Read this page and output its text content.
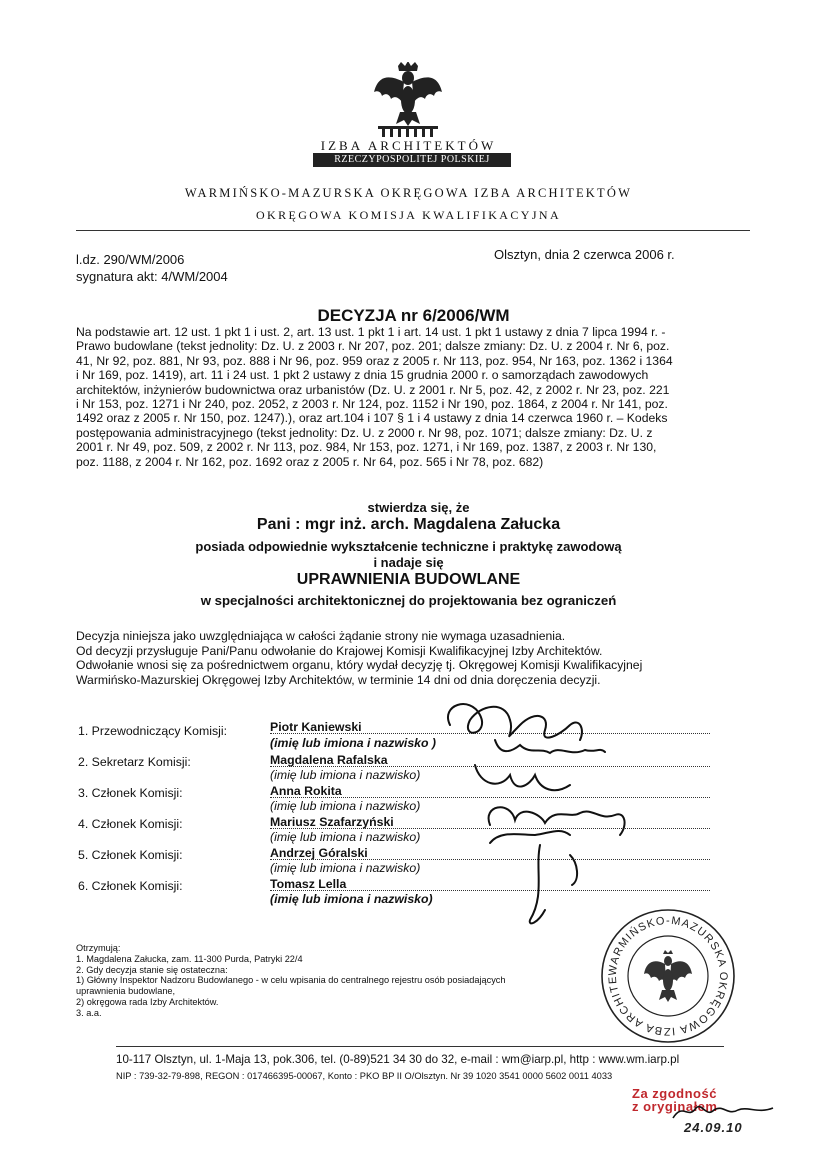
IZBA ARCHITEKTÓW
RZECZYPOSPOLITEJ POLSKIEJ
WARMIŃSKO-MAZURSKA OKRĘGOWA IZBA ARCHITEKTÓW
OKRĘGOWA KOMISJA KWALIFIKACYJNA
l.dz. 290/WM/2006
sygnatura akt: 4/WM/2004
Olsztyn, dnia 2 czerwca 2006 r.
DECYZJA nr 6/2006/WM
Na podstawie art. 12 ust. 1 pkt 1 i ust. 2, art. 13 ust. 1 pkt 1 i art. 14 ust. 1 pkt 1 ustawy z dnia 7 lipca 1994 r. -
Prawo budowlane (tekst jednolity: Dz. U. z 2003 r. Nr 207, poz. 201; dalsze zmiany: Dz. U. z 2004 r. Nr 6, poz.
41, Nr 92, poz. 881, Nr 93, poz. 888 i Nr 96, poz. 959 oraz z 2005 r. Nr 113, poz. 954, Nr 163, poz. 1362 i 1364
i Nr 169, poz. 1419), art. 11 i 24 ust. 1 pkt 2 ustawy z dnia 15 grudnia 2000 r. o samorządach zawodowych
architektów, inżynierów budownictwa oraz urbanistów (Dz. U. z 2001 r. Nr 5, poz. 42, z 2002 r. Nr 23, poz. 221
i Nr 153, poz. 1271 i Nr 240, poz. 2052, z 2003 r. Nr 124, poz. 1152 i Nr 190, poz. 1864, z 2004 r. Nr 141, poz.
1492 oraz z 2005 r. Nr 150, poz. 1247).), oraz art.104 i 107 § 1 i 4 ustawy z dnia 14 czerwca 1960 r. – Kodeks
postępowania administracyjnego (tekst jednolity: Dz. U. z 2000 r. Nr 98, poz. 1071; dalsze zmiany: Dz. U. z
2001 r. Nr 49, poz. 509, z 2002 r. Nr 113, poz. 984, Nr 153, poz. 1271, i Nr 169, poz. 1387, z 2003 r. Nr 130,
poz. 1188, z 2004 r. Nr 162, poz. 1692 oraz z 2005 r. Nr 64, poz. 565 i Nr 78, poz. 682)
stwierdza się, że
Pani : mgr inż. arch. Magdalena Załucka
posiada odpowiednie wykształcenie techniczne i praktykę zawodową
i nadaje się
UPRAWNIENIA BUDOWLANE
w specjalności architektonicznej do projektowania bez ograniczeń
Decyzja niniejsza jako uwzględniająca w całości żądanie strony nie wymaga uzasadnienia.
Od decyzji przysługuje Pani/Panu odwołanie do Krajowej Komisji Kwalifikacyjnej Izby Architektów.
Odwołanie wnosi się za pośrednictwem organu, który wydał decyzję tj. Okręgowej Komisji Kwalifikacyjnej
Warmińsko-Mazurskiej Okręgowej Izby Architektów, w terminie 14 dni od dnia doręczenia decyzji.
1. Przewodniczący Komisji:	Piotr Kaniewski
(imię lub imiona i nazwisko )
2. Sekretarz Komisji:	Magdalena Rafalska
(imię lub imiona i nazwisko)
3. Członek Komisji:	Anna Rokita
(imię lub imiona i nazwisko)
4. Członek Komisji:	Mariusz Szafarzyński
(imię lub imiona i nazwisko)
5. Członek Komisji:	Andrzej Góralski
(imię lub imiona i nazwisko)
6. Członek Komisji:	Tomasz Lella
(imię lub imiona i nazwisko)
Otrzymują:
1. Magdalena Załucka, zam. 11-300 Purda, Patryki 22/4
2. Gdy decyzja stanie się ostateczna:
1) Główny Inspektor Nadzoru Budowlanego - w celu wpisania do centralnego rejestru osób posiadających
uprawnienia budowlane,
2) okręgowa rada Izby Architektów.
3. a.a.
WARMIŃSKO-MAZURSKA OKRĘGOWA IZBA ARCHITE
10-117 Olsztyn, ul. 1-Maja 13, pok.306, tel. (0-89)521 34 30 do 32, e-mail : wm@iarp.pl, http : www.wm.iarp.pl
NIP : 739-32-79-898, REGON : 017466395-00067, Konto : PKO BP II O/Olsztyn. Nr 39 1020 3541 0000 5602 0011 4033
Za zgodność
z oryginałem
24.09.10
